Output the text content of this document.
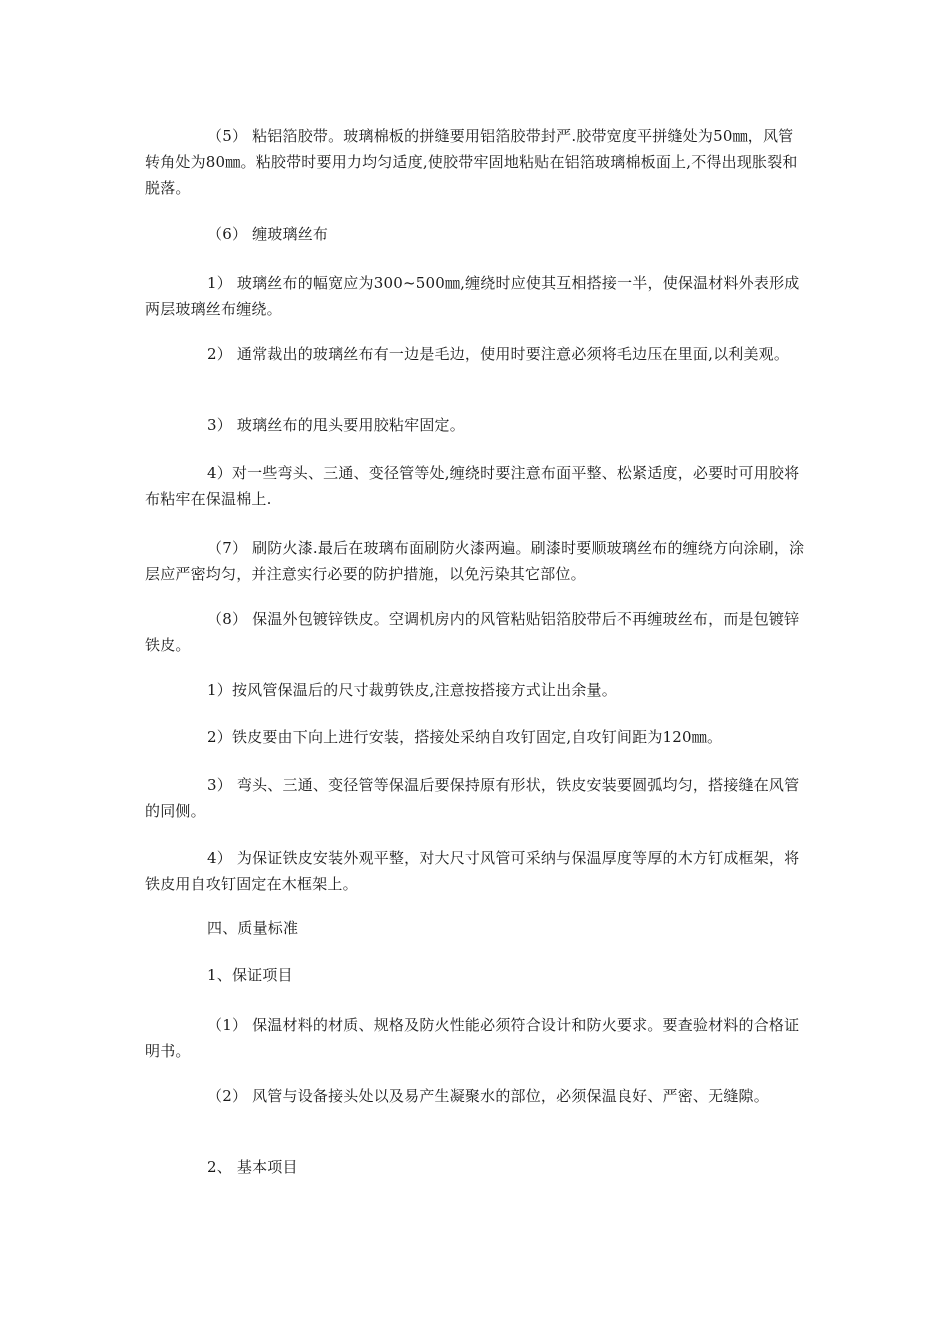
（5） 粘铝箔胶带。玻璃棉板的拼缝要用铝箔胶带封严.胶带宽度平拼缝处为50㎜，风管转角处为80㎜。粘胶带时要用力均匀适度,使胶带牢固地粘贴在铝箔玻璃棉板面上,不得出现胀裂和脱落。

（6） 缠玻璃丝布

1） 玻璃丝布的幅宽应为300~500㎜,缠绕时应使其互相搭接一半，使保温材料外表形成两层玻璃丝布缠绕。

2） 通常裁出的玻璃丝布有一边是毛边，使用时要注意必须将毛边压在里面,以利美观。

3） 玻璃丝布的甩头要用胶粘牢固定。

4）对一些弯头、三通、变径管等处,缠绕时要注意布面平整、松紧适度，必要时可用胶将布粘牢在保温棉上.

（7） 刷防火漆.最后在玻璃布面刷防火漆两遍。刷漆时要顺玻璃丝布的缠绕方向涂刷，涂层应严密均匀，并注意实行必要的防护措施，以免污染其它部位。

（8） 保温外包镀锌铁皮。空调机房内的风管粘贴铝箔胶带后不再缠玻丝布，而是包镀锌铁皮。

1）按风管保温后的尺寸裁剪铁皮,注意按搭接方式让出余量。

2）铁皮要由下向上进行安装，搭接处采纳自攻钉固定,自攻钉间距为120㎜。

3） 弯头、三通、变径管等保温后要保持原有形状，铁皮安装要圆弧均匀，搭接缝在风管的同侧。

4） 为保证铁皮安装外观平整，对大尺寸风管可采纳与保温厚度等厚的木方钉成框架，将铁皮用自攻钉固定在木框架上。

四、质量标准

1、保证项目

（1） 保温材料的材质、规格及防火性能必须符合设计和防火要求。要查验材料的合格证明书。

（2） 风管与设备接头处以及易产生凝聚水的部位，必须保温良好、严密、无缝隙。

2、 基本项目
